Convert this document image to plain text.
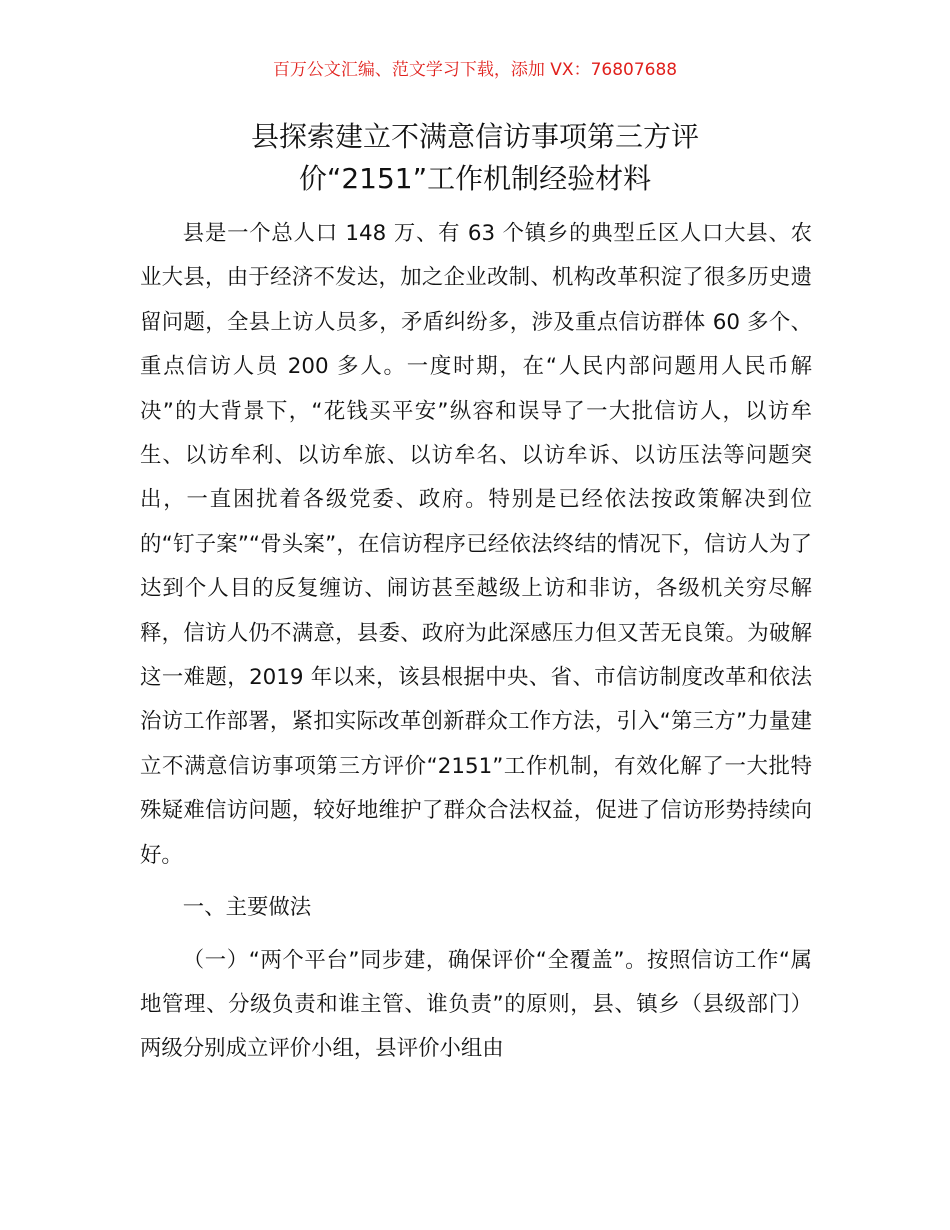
百万公文汇编、范文学习下载，添加 VX：76807688
县探索建立不满意信访事项第三方评
价“2151”工作机制经验材料

县是一个总人口 148 万、有 63 个镇乡的典型丘区人口大县、农业大县，由于经济不发达，加之企业改制、机构改革积淀了很多历史遗留问题，全县上访人员多，矛盾纠纷多，涉及重点信访群体 60 多个、重点信访人员 200 多人。一度时期，在“人民内部问题用人民币解决”的大背景下，“花钱买平安”纵容和误导了一大批信访人，以访牟生、以访牟利、以访牟旅、以访牟名、以访牟诉、以访压法等问题突出，一直困扰着各级党委、政府。特别是已经依法按政策解决到位的“钉子案”“骨头案”，在信访程序已经依法终结的情况下，信访人为了达到个人目的反复缠访、闹访甚至越级上访和非访，各级机关穷尽解释，信访人仍不满意，县委、政府为此深感压力但又苦无良策。为破解这一难题，2019 年以来，该县根据中央、省、市信访制度改革和依法治访工作部署，紧扣实际改革创新群众工作方法，引入“第三方”力量建立不满意信访事项第三方评价“2151”工作机制，有效化解了一大批特殊疑难信访问题，较好地维护了群众合法权益，促进了信访形势持续向好。

一、主要做法

（一）“两个平台”同步建，确保评价“全覆盖”。按照信访工作“属地管理、分级负责和谁主管、谁负责”的原则，县、镇乡（县级部门）两级分别成立评价小组，县评价小组由
